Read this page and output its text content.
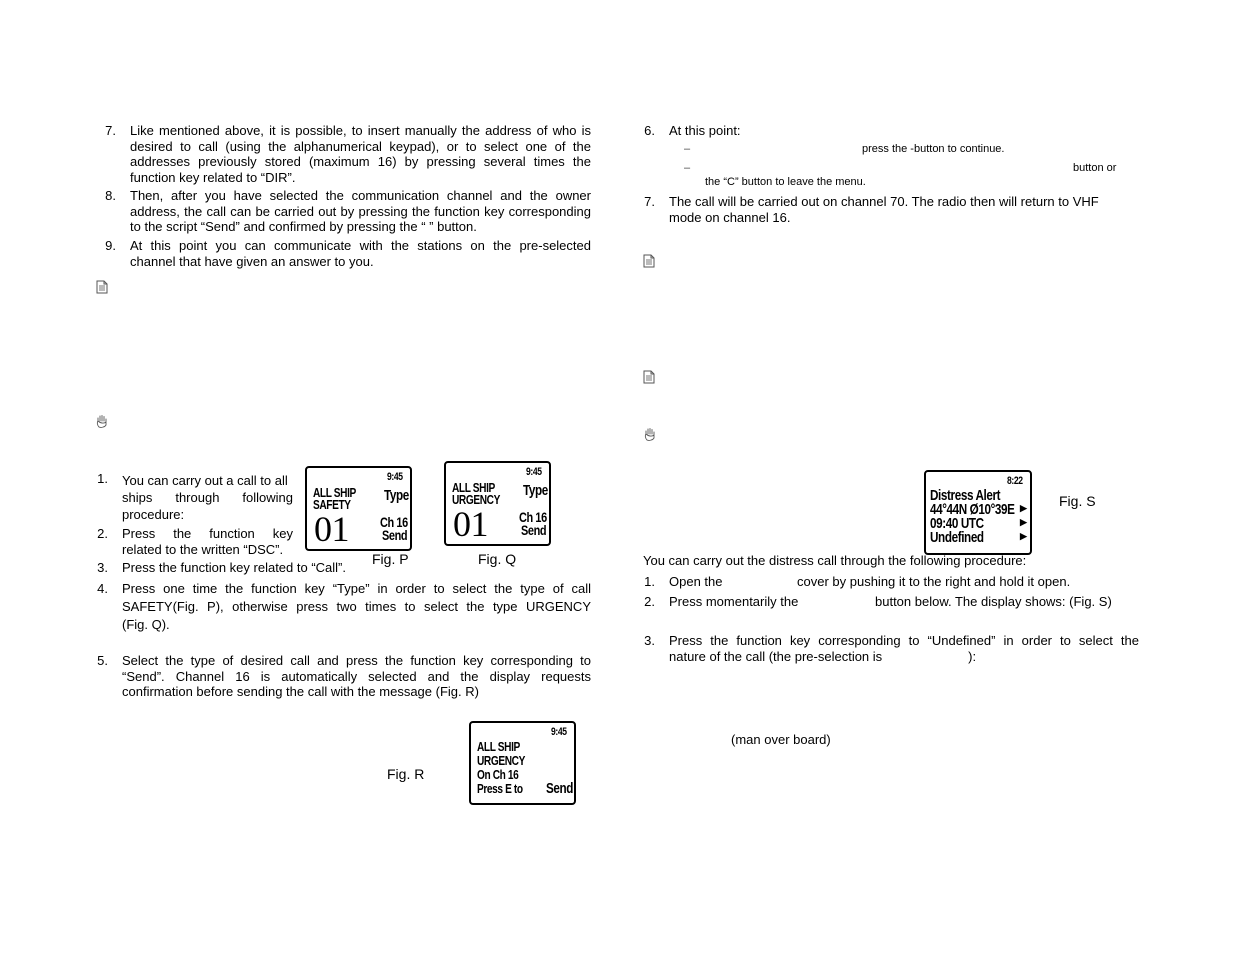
7. Like mentioned above, it is possible, to insert manually the address of who is
desired to call (using the alphanumerical keypad), or to select one of the
addresses previously stored (maximum 16) by pressing several times the
function key related to “DIR”.
8. Then, after you have selected the communication channel and the owner
address, the call can be carried out by pressing the function key corresponding
to the script “Send” and confirmed by pressing the “ ” button.
9. At this point you can communicate with the stations on the pre-selected
channel that have given an answer to you.
1. You can carry out a call to all
ships through following
procedure:
2. Press the function key
related to the written “DSC”.
3. Press the function key related to “Call”.
4. Press one time the function key “Type” in order to select the type of call
SAFETY(Fig. P), otherwise press two times to select the type URGENCY
(Fig. Q).
5. Select the type of desired call and press the function key corresponding to
“Send”. Channel 16 is automatically selected and the display requests
confirmation before sending the call with the message (Fig. R)
9:45
ALL SHIP
SAFETY
Type
01 Ch 16
Send
Fig. P
9:45
ALL SHIP
URGENCY
Type
01 Ch 16
Send
Fig. Q
Fig. R
9:45
ALL SHIP
URGENCY
On Ch 16
Press E to Send
6. At this point:
–	press the -button to continue.
–	button or
the “C” button to leave the menu.
7. The call will be carried out on channel 70. The radio then will return to VHF
mode on channel 16.
8:22
Distress Alert
44°44N Ø10°39E
09:40 UTC
Undefined
▶
▶
▶
Fig. S
You can carry out the distress call through the following procedure:
1. Open the	cover by pushing it to the right and hold it open.
2. Press momentarily the	button below. The display shows: (Fig. S)
3. Press the function key corresponding to “Undefined” in order to select the
nature of the call (the pre-selection is	):
(man over board)
